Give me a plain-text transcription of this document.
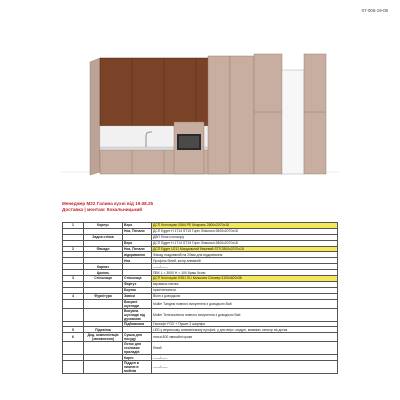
07-006-19-08
Менеджер М22 Галина кухні від 19.08.25
Доставка | монтаж: Кокальницький
1	Корпус	Верх	ДСП Кronospan 0564 PE Мокрань 2800х2070х18
		Низ, Пенали	ДСП Egger H 1714 ST19 Горіх Лінкольн 2800х2070х18
	Задня стінка		ДВП білого кольору
		Верх	ДСП Egger H 1714 ST19 Горіх Лінкольн 2800х2070х18
2	Фасади	Низ, Пенали	ДСП Egger U211 Мигдальний бежевий ST9 2800х2070х18
		відкривання	Фасад поздовжній на 20мм для відкривання
		Низ	Профіль білий, колір алюміній
	Карниз		——/——
	Цоколь		ПВХ L = 3000 Н = 100 браш 5сіли
3	Стільниця	Стільниця	ДСП Кronospan K551 SU Кальката Сільвер 4100х600х38
		Фартух	кераміка плитка
		Бортик	прісеченоничи
4	Фурнітура	Завіси	Blum з доводжою
		Висувні шухляди	Muller Тандем повного висунення з доводчою Bait
		Висувна шухляда під духовкою	Muller Телескопічна повного висунення з доводчою Bait
		Підйомники	Гаслифт FGV + Пушит 2 шарніри
5	Підсвітка		LED у верхньому алюмінієвому профілі, у дно верх. модулі, вимикач сенсор на дотик
6	Дод. комплектація (заповнення)	Сушка для посуду	глиса 800 звичайні кроки
		Лоток для столових приладів	білий
		Карго	——/——
		Піддон в нижню в мийнім	——/——
